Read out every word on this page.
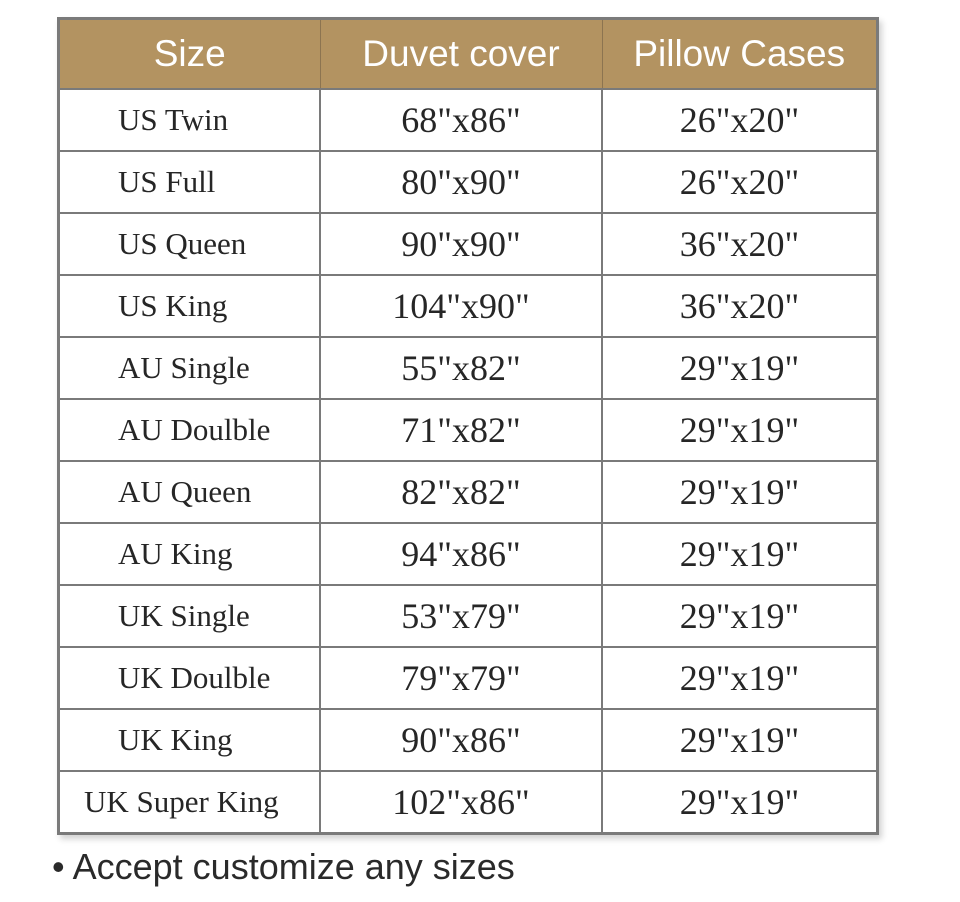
Size	Duvet cover	Pillow Cases
US Twin	68"x86"	26"x20"
US Full	80"x90"	26"x20"
US Queen	90"x90"	36"x20"
US King	104"x90"	36"x20"
AU Single	55"x82"	29"x19"
AU Doulble	71"x82"	29"x19"
AU Queen	82"x82"	29"x19"
AU King	94"x86"	29"x19"
UK Single	53"x79"	29"x19"
UK Doulble	79"x79"	29"x19"
UK King	90"x86"	29"x19"
UK Super King	102"x86"	29"x19"
• Accept customize any sizes
